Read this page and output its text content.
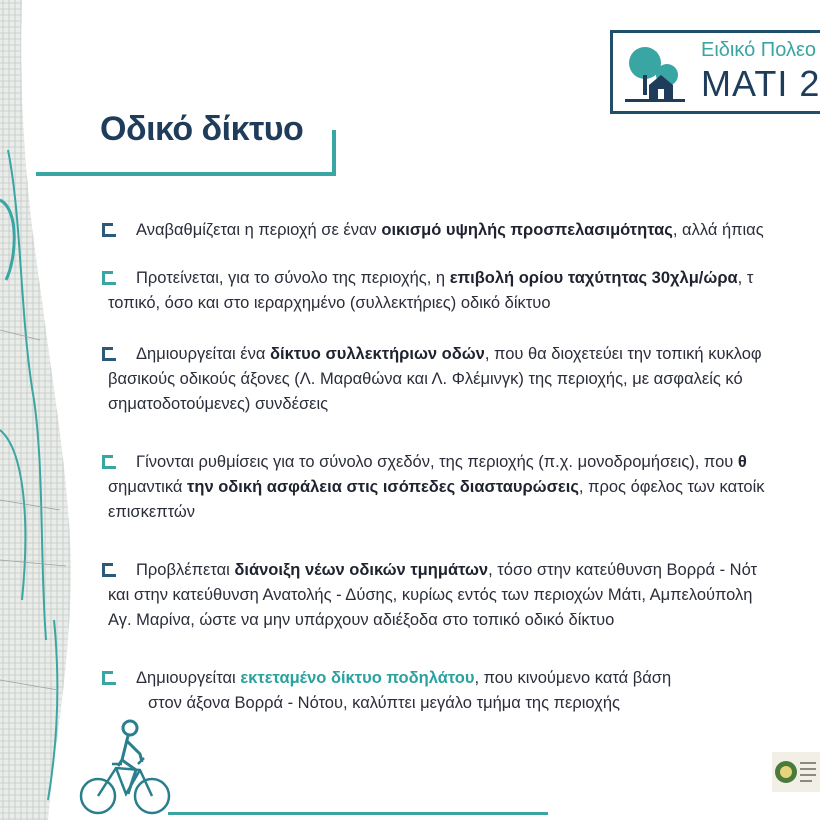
Ειδικό Πολεο
ΜΑΤΙ 2
Οδικό δίκτυο
Αναβαθμίζεται η περιοχή σε έναν οικισμό υψηλής προσπελασιμότητας, αλλά ήπιας
Προτείνεται, για το σύνολο της περιοχής, η επιβολή ορίου ταχύτητας 30χλμ/ώρα, τ
τοπικό, όσο και στο ιεραρχημένο (συλλεκτήριες) οδικό δίκτυο
Δημιουργείται ένα δίκτυο συλλεκτήριων οδών, που θα διοχετεύει την τοπική κυκλοφ
βασικούς οδικούς άξονες (Λ. Μαραθώνα και Λ. Φλέμινγκ) της περιοχής, με ασφαλείς κό
σηματοδοτούμενες) συνδέσεις
Γίνονται ρυθμίσεις για το σύνολο σχεδόν, της περιοχής (π.χ. μονοδρομήσεις), που θ
σημαντικά την οδική ασφάλεια στις ισόπεδες διασταυρώσεις, προς όφελος των κατοίκ
επισκεπτών
Προβλέπεται διάνοιξη νέων οδικών τμημάτων, τόσο στην κατεύθυνση Βορρά - Νότ
και στην κατεύθυνση Ανατολής - Δύσης, κυρίως εντός των περιοχών Μάτι, Αμπελούπολη
Αγ. Μαρίνα, ώστε να μην υπάρχουν αδιέξοδα στο τοπικό οδικό δίκτυο
Δημιουργείται εκτεταμένο δίκτυο ποδηλάτου, που κινούμενο κατά βάση
στον άξονα Βορρά - Νότου, καλύπτει μεγάλο τμήμα της περιοχής
